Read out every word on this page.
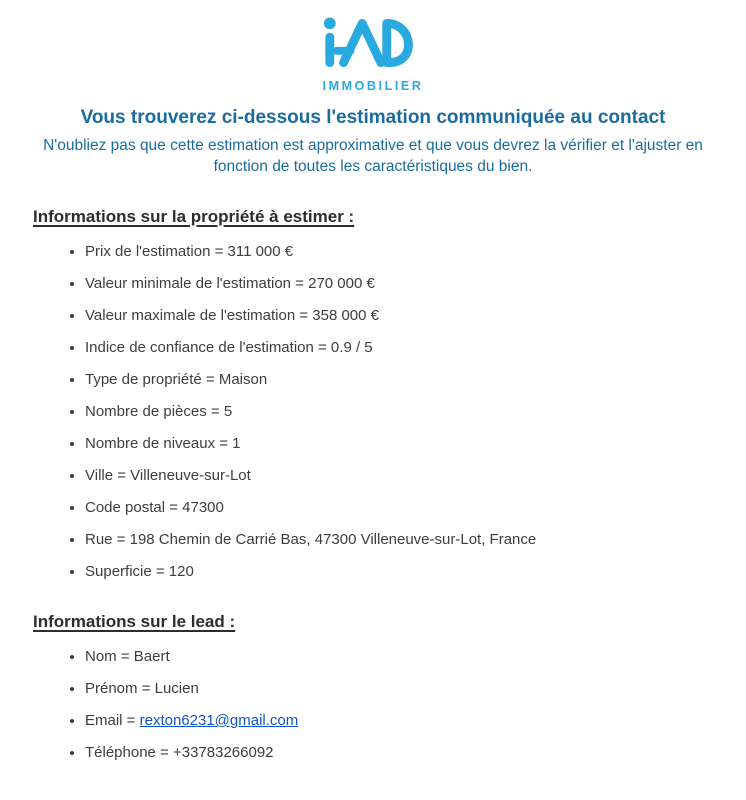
IMMOBILIER

Vous trouverez ci-dessous l'estimation communiquée au contact

N'oubliez pas que cette estimation est approximative et que vous devrez la vérifier et l'ajuster en fonction de toutes les caractéristiques du bien.

Informations sur la propriété à estimer :

• Prix de l'estimation = 311 000 €
• Valeur minimale de l'estimation = 270 000 €
• Valeur maximale de l'estimation = 358 000 €
• Indice de confiance de l'estimation = 0.9 / 5
• Type de propriété = Maison
• Nombre de pièces = 5
• Nombre de niveaux = 1
• Ville = Villeneuve-sur-Lot
• Code postal = 47300
• Rue = 198 Chemin de Carrié Bas, 47300 Villeneuve-sur-Lot, France
• Superficie = 120

Informations sur le lead :

• Nom = Baert
• Prénom = Lucien
• Email = rexton6231@gmail.com
• Téléphone = +33783266092
